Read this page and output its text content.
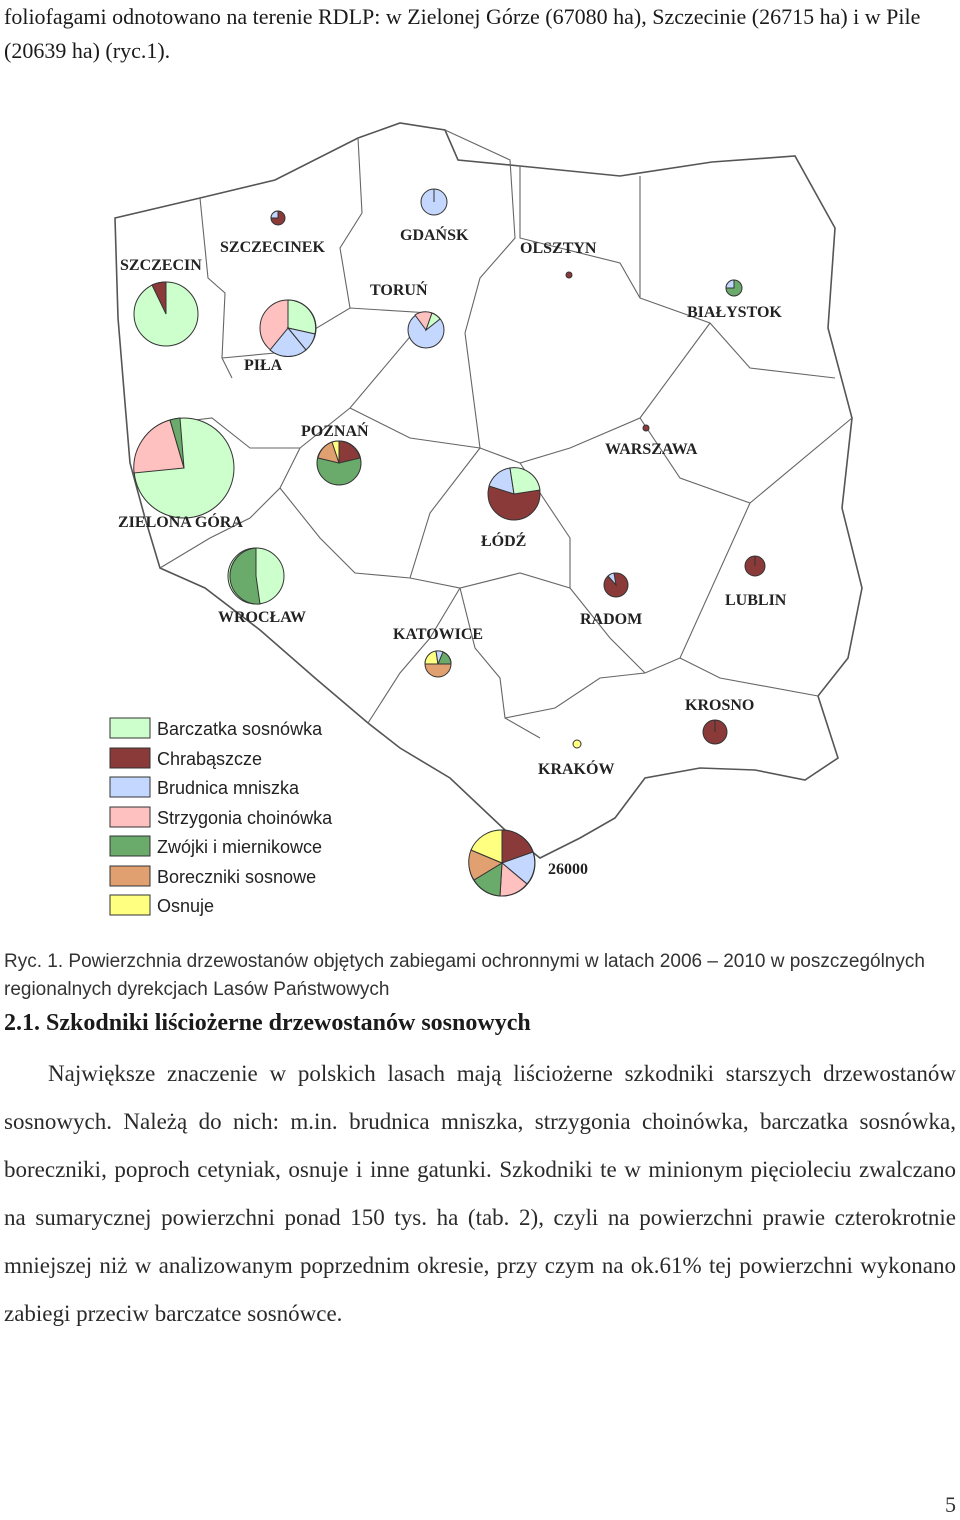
foliofagami odnotowano na terenie RDLP: w Zielonej Górze (67080 ha), Szczecinie (26715 ha) i w Pile (20639 ha) (ryc.1).

26000
SZCZECIN
SZCZECINEK
GDAŃSK
OLSZTYN
TORUŃ
BIAŁYSTOK
PIŁA
POZNAŃ
WARSZAWA
ZIELONA GÓRA
ŁÓDŹ
WROCŁAW	RADOM
LUBLIN
KATOWICE
KROSNO
KRAKÓW
Barczatka sosnówka
Chrabąszcze
Brudnica mniszka
Strzygonia choinówka
Zwójki i miernikowce
Boreczniki sosnowe
Osnuje

Ryc. 1. Powierzchnia drzewostanów objętych zabiegami ochronnymi w latach 2006 – 2010 w poszczególnych regionalnych dyrekcjach Lasów Państwowych

2.1. Szkodniki liściożerne drzewostanów sosnowych

Największe znaczenie w polskich lasach mają liściożerne szkodniki starszych drzewostanów sosnowych. Należą do nich: m.in. brudnica mniszka, strzygonia choinówka, barczatka sosnówka, boreczniki, poproch cetyniak, osnuje i inne gatunki. Szkodniki te w minionym pięcioleciu zwalczano na sumarycznej powierzchni ponad 150 tys. ha (tab. 2), czyli na powierzchni prawie czterokrotnie mniejszej niż w analizowanym poprzednim okresie, przy czym na ok.61% tej powierzchni wykonano zabiegi przeciw barczatce sosnówce.

5
